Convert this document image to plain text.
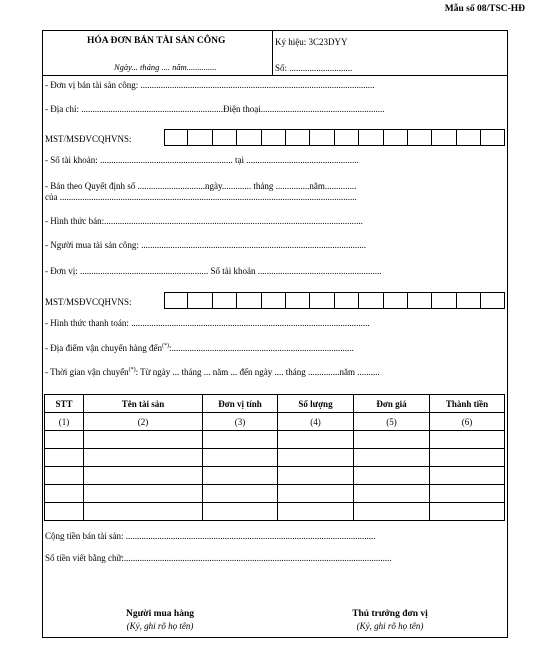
Mẫu số 08/TSC-HĐ
HÓA ĐƠN BÁN TÀI SẢN CÔNG
Ngày... tháng .... năm..............
Ký hiệu: 3C23DYY
Số: ............................
- Đơn vị bán tài sản công: ........................................................................................................
- Địa chỉ: ...............................................................Điện thoại.......................................................
MST/MSĐVCQHVNS:
- Số tài khoản: ........................................................... tại ..................................................
- Bán theo Quyết định số ..............................ngày............. tháng ...............năm..............
của ....................................................................................................................................
- Hình thức bán:...................................................................................................................
- Người mua tài sản công: ....................................................................................................
- Đơn vị: ......................................................... Số tài khoản .......................................................
MST/MSĐVCQHVNS:
- Hình thức thanh toán: ..........................................................................................................
- Địa điểm vận chuyển hàng đến(*):.................................................................................
- Thời gian vận chuyển(*): Từ ngày ... tháng ... năm ... đến ngày .... tháng ..............năm ..........
STT	Tên tài sản	Đơn vị tính	Số lượng	Đơn giá	Thành tiền
(1)	(2)	(3)	(4)	(5)	(6)

Cộng tiền bán tài sản: ...............................................................................................................
Số tiền viết bằng chữ:.......................................................................................................................
Người mua hàng
(Ký, ghi rõ họ tên)
Thủ trưởng đơn vị
(Ký, ghi rõ họ tên)
